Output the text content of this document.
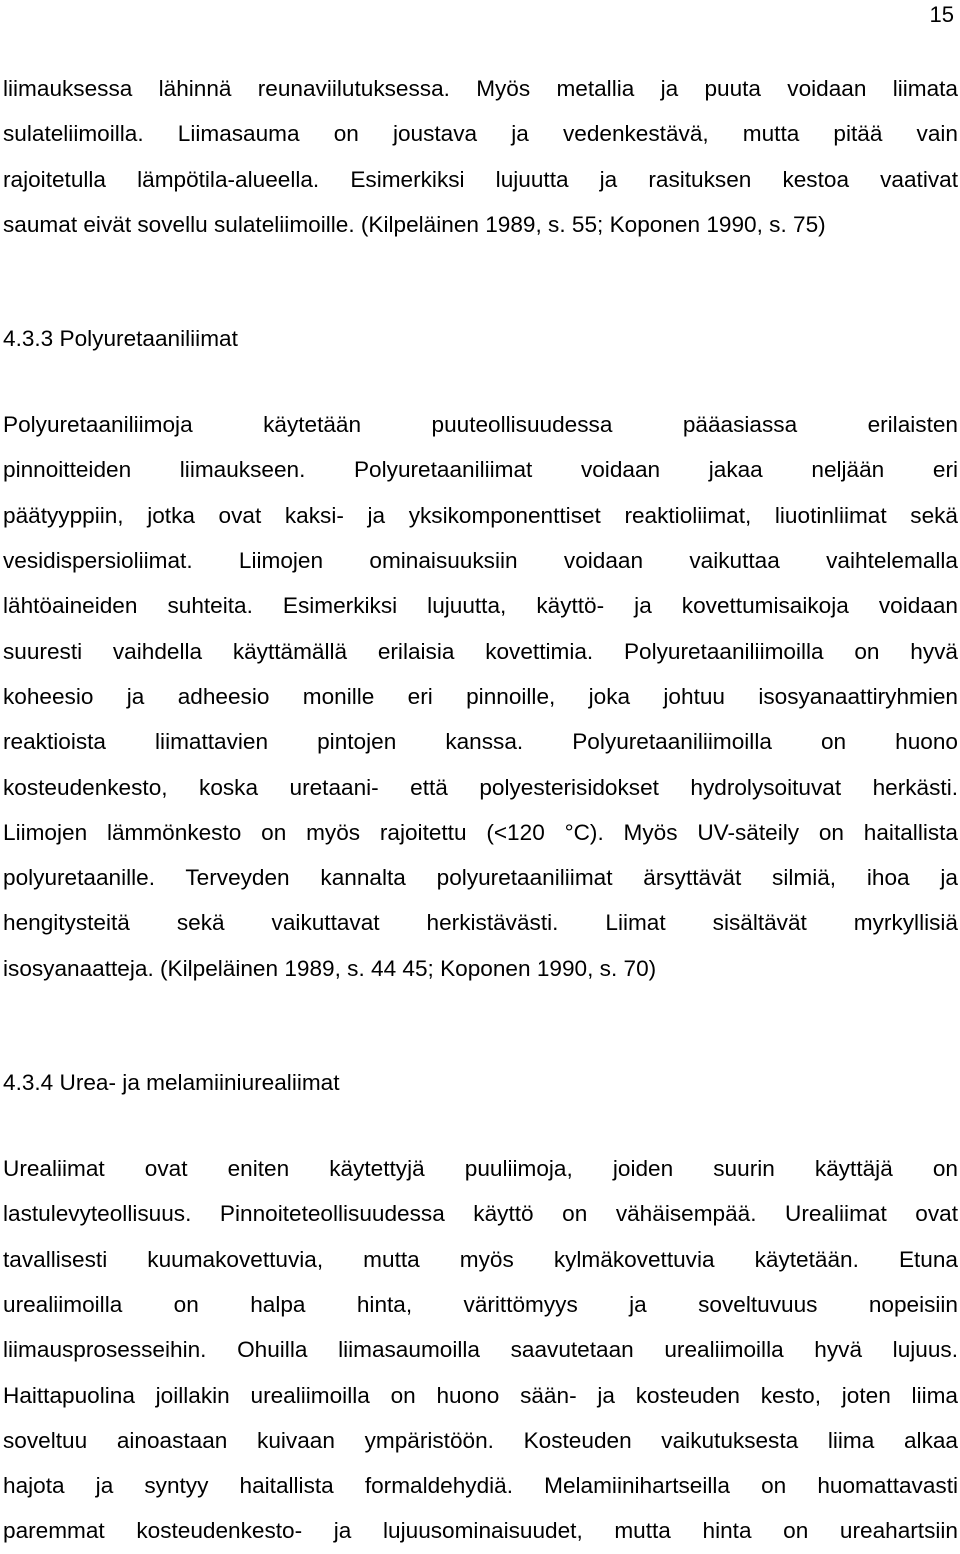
15
liimauksessa lähinnä reunaviilutuksessa. Myös metallia ja puuta voidaan liimata
sulateliimoilla. Liimasauma on joustava ja vedenkestävä, mutta pitää vain
rajoitetulla lämpötila-alueella. Esimerkiksi lujuutta ja rasituksen kestoa vaativat
saumat eivät sovellu sulateliimoille. (Kilpeläinen 1989, s. 55; Koponen 1990, s. 75)
4.3.3 Polyuretaaniliimat
Polyuretaaniliimoja käytetään puuteollisuudessa pääasiassa erilaisten
pinnoitteiden liimaukseen. Polyuretaaniliimat voidaan jakaa neljään eri
päätyyppiin, jotka ovat kaksi- ja yksikomponenttiset reaktioliimat, liuotinliimat sekä
vesidispersioliimat. Liimojen ominaisuuksiin voidaan vaikuttaa vaihtelemalla
lähtöaineiden suhteita. Esimerkiksi lujuutta, käyttö- ja kovettumisaikoja voidaan
suuresti vaihdella käyttämällä erilaisia kovettimia. Polyuretaaniliimoilla on hyvä
koheesio ja adheesio monille eri pinnoille, joka johtuu isosyanaattiryhmien
reaktioista liimattavien pintojen kanssa. Polyuretaaniliimoilla on huono
kosteudenkesto, koska uretaani- että polyesterisidokset hydrolysoituvat herkästi.
Liimojen lämmönkesto on myös rajoitettu (<120 °C). Myös UV-säteily on haitallista
polyuretaanille. Terveyden kannalta polyuretaaniliimat ärsyttävät silmiä, ihoa ja
hengitysteitä sekä vaikuttavat herkistävästi. Liimat sisältävät myrkyllisiä
isosyanaatteja. (Kilpeläinen 1989, s. 44 45; Koponen 1990, s. 70)
4.3.4 Urea- ja melamiiniurealiimat
Urealiimat ovat eniten käytettyjä puuliimoja, joiden suurin käyttäjä on
lastulevyteollisuus. Pinnoiteteollisuudessa käyttö on vähäisempää. Urealiimat ovat
tavallisesti kuumakovettuvia, mutta myös kylmäkovettuvia käytetään. Etuna
urealiimoilla on halpa hinta, värittömyys ja soveltuvuus nopeisiin
liimausprosesseihin. Ohuilla liimasaumoilla saavutetaan urealiimoilla hyvä lujuus.
Haittapuolina joillakin urealiimoilla on huono sään- ja kosteuden kesto, joten liima
soveltuu ainoastaan kuivaan ympäristöön. Kosteuden vaikutuksesta liima alkaa
hajota ja syntyy haitallista formaldehydiä. Melamiinihartseilla on huomattavasti
paremmat kosteudenkesto- ja lujuusominaisuudet, mutta hinta on ureahartsiin
